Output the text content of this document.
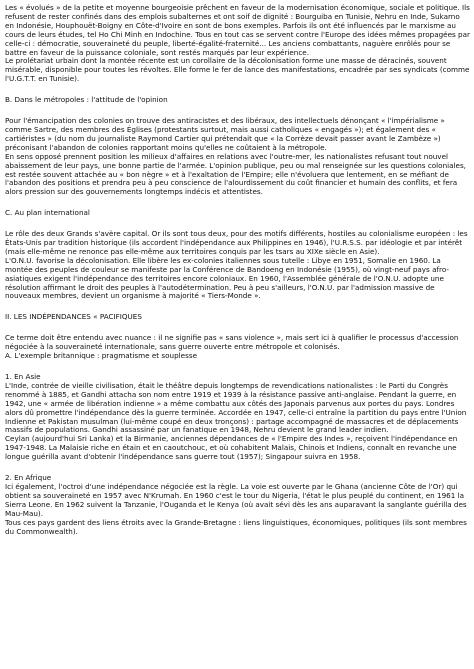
Les « évolués » de la petite et moyenne bourgeoisie prêchent en faveur de la modernisation économique, sociale et politique. Ils refusent de rester confinés dans des emplois subalternes et ont soif de dignité : Bourguiba en Tunisie, Nehru en Inde, Sukarno en Indonésie, Houphouët-Boigny en Côte-d'Ivoire en sont de bons exemples. Parfois ils ont été influencés par le marxisme au cours de leurs études, tel Ho Chi Minh en Indochine. Tous en tout cas se servent contre l'Europe des idées mêmes propagées par celle-ci : démocratie, souveraineté du peuple, liberté-égalité-fraternité... Les anciens combattants, naguère enrôlés pour se battre en faveur de la puissance coloniale, sont restés marqués par leur expérience.

Le prolétariat urbain dont la montée récente est un corollaire de la décolonisation forme une masse de déracinés, souvent misérable, disponible pour toutes les révoltes. Elle forme le fer de lance des manifestations, encadrée par ses syndicats (comme l'U.G.T.T. en Tunisie).

B. Dans le métropoles : l'attitude de l'opinion

Pour l'émancipation des colonies on trouve des antiracistes et des libéraux, des intellectuels dénonçant « l'impérialisme » comme Sartre, des membres des Églises (protestants surtout, mais aussi catholiques « engagés »); et également des « cartiéristes » (du nom du journaliste Raymond Cartier qui prétendait que « la Corrèze devait passer avant le Zambèze ») préconisant l'abandon de colonies rapportant moins qu'elles ne coûtaient à la métropole.

En sens opposé prennent position les milieux d'affaires en relations avec l'outre-mer, les nationalistes refusant tout nouvel abaissement de leur pays, une bonne partie de l'armée. L'opinion publique, peu ou mal renseignée sur les questions coloniales, est restée souvent attachée au « bon nègre » et à l'exaltation de l'Empire; elle n'évoluera que lentement, en se méfiant de l'abandon des positions et prendra peu à peu conscience de l'alourdissement du coût financier et humain des conflits, et fera alors pression sur des gouvernements longtemps indécis et attentistes.

C. Au plan international

Le rôle des deux Grands s'avère capital. Or ils sont tous deux, pour des motifs différents, hostiles au colonialisme européen : les États-Unis par tradition historique (ils accordent l'indépendance aux Philippines en 1946), l'U.R.S.S. par idéologie et par intérêt (mais elle-même ne renonce pas elle-même aux territoires conquis par les tsars au XIXe siècle en Asie).

L'O.N.U. favorise la décolonisation. Elle libère les ex-colonies italiennes sous tutelle : Libye en 1951, Somalie en 1960. La montée des peuples de couleur se manifeste par la Conférence de Bandoeng en Indonésie (1955), où vingt-neuf pays afro-asiatiques exigent l'indépendance des territoires encore coloniaux. En 1960, l'Assemblée générale de l'O.N.U. adopte une résolution affirmant le droit des peuples à l'autodétermination. Peu à peu s'ailleurs, l'O.N.U. par l'admission massive de nouveaux membres, devient un organisme à majorité « Tiers-Monde ».

II. LES INDÉPENDANCES « PACIFIQUES

Ce terme doit être entendu avec nuance : il ne signifie pas « sans violence », mais sert ici à qualifier le processus d'accession négociée à la souveraineté internationale, sans guerre ouverte entre métropole et colonisés.

A. L'exemple britannique : pragmatisme et souplesse

1. En Asie

L'Inde, contrée de vieille civilisation, était le théâtre depuis longtemps de revendications nationalistes : le Parti du Congrès renommé à 1885, et Gandhi attacha son nom entre 1919 et 1939 à la résistance passive anti-anglaise. Pendant la guerre, en 1942, une « armée de libération indienne » a même combattu aux côtés des Japonais parvenus aux portes du pays. Londres alors dû promettre l'indépendance dès la guerre terminée. Accordée en 1947, celle-ci entraîne la partition du pays entre l'Union Indienne et Pakistan musulman (lui-même coupé en deux tronçons) : partage accompagné de massacres et de déplacements massifs de populations. Gandhi assassiné par un fanatique en 1948, Nehru devient le grand leader indien.

Ceylan (aujourd'hui Sri Lanka) et la Birmanie, anciennes dépendances de « l'Empire des Indes », reçoivent l'indépendance en 1947-1948. La Malaisie riche en étain et en caoutchouc, et où cohabitent Malais, Chinois et Indiens, connaît en revanche une longue guérilla avant d'obtenir l'indépendance sans guerre tout (1957); Singapour suivra en 1958.

2. En Afrique

Ici également, l'octroi d'une indépendance négociée est la règle. La voie est ouverte par le Ghana (ancienne Côte de l'Or) qui obtient sa souveraineté en 1957 avec N'Krumah. En 1960 c'est le tour du Nigeria, l'état le plus peuplé du continent, en 1961 la Sierra Leone. En 1962 suivent la Tanzanie, l'Ouganda et le Kenya (où avait sévi dès les ans auparavant la sanglante guérilla des Mau-Mau).

Tous ces pays gardent des liens étroits avec la Grande-Bretagne : liens linguistiques, économiques, politiques (ils sont membres du Commonwealth).
